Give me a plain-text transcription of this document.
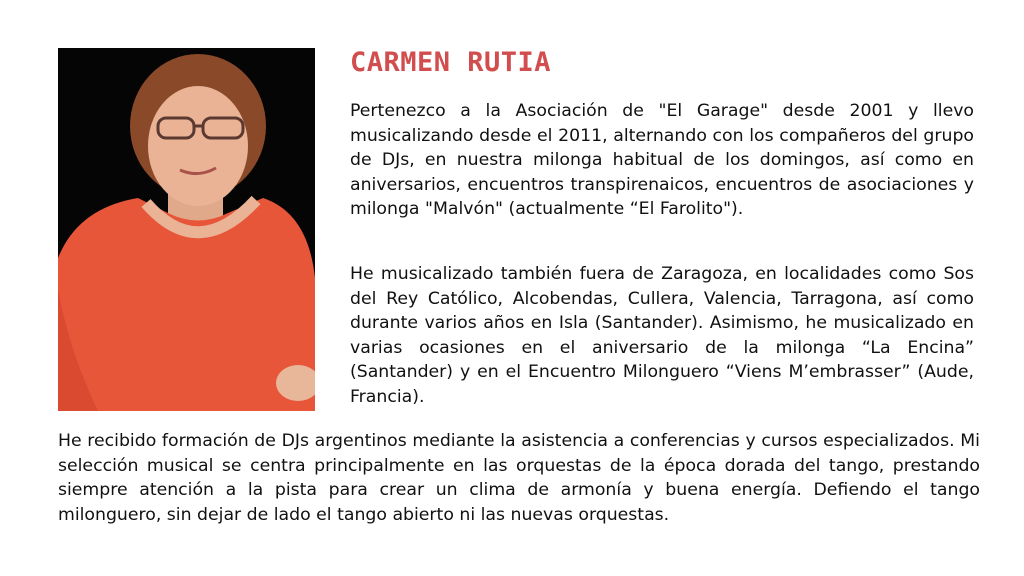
CARMEN RUTIA

Pertenezco a la Asociación de "El Garage" desde 2001 y llevo musicalizando desde el 2011, alternando con los compañeros del grupo de DJs, en nuestra milonga habitual de los domingos, así como en aniversarios, encuentros transpirenaicos, encuentros de asociaciones y milonga "Malvón" (actualmente “El Farolito").

He musicalizado también fuera de Zaragoza, en localidades como Sos del Rey Católico, Alcobendas, Cullera, Valencia, Tarragona, así como durante varios años en Isla (Santander). Asimismo, he musicalizado en varias ocasiones en el aniversario de la milonga “La Encina” (Santander) y en el Encuentro Milonguero “Viens M’embrasser” (Aude, Francia).

He recibido formación de DJs argentinos mediante la asistencia a conferencias y cursos especializados. Mi selección musical se centra principalmente en las orquestas de la época dorada del tango, prestando siempre atención a la pista para crear un clima de armonía y buena energía. Defiendo el tango milonguero, sin dejar de lado el tango abierto ni las nuevas orquestas.
